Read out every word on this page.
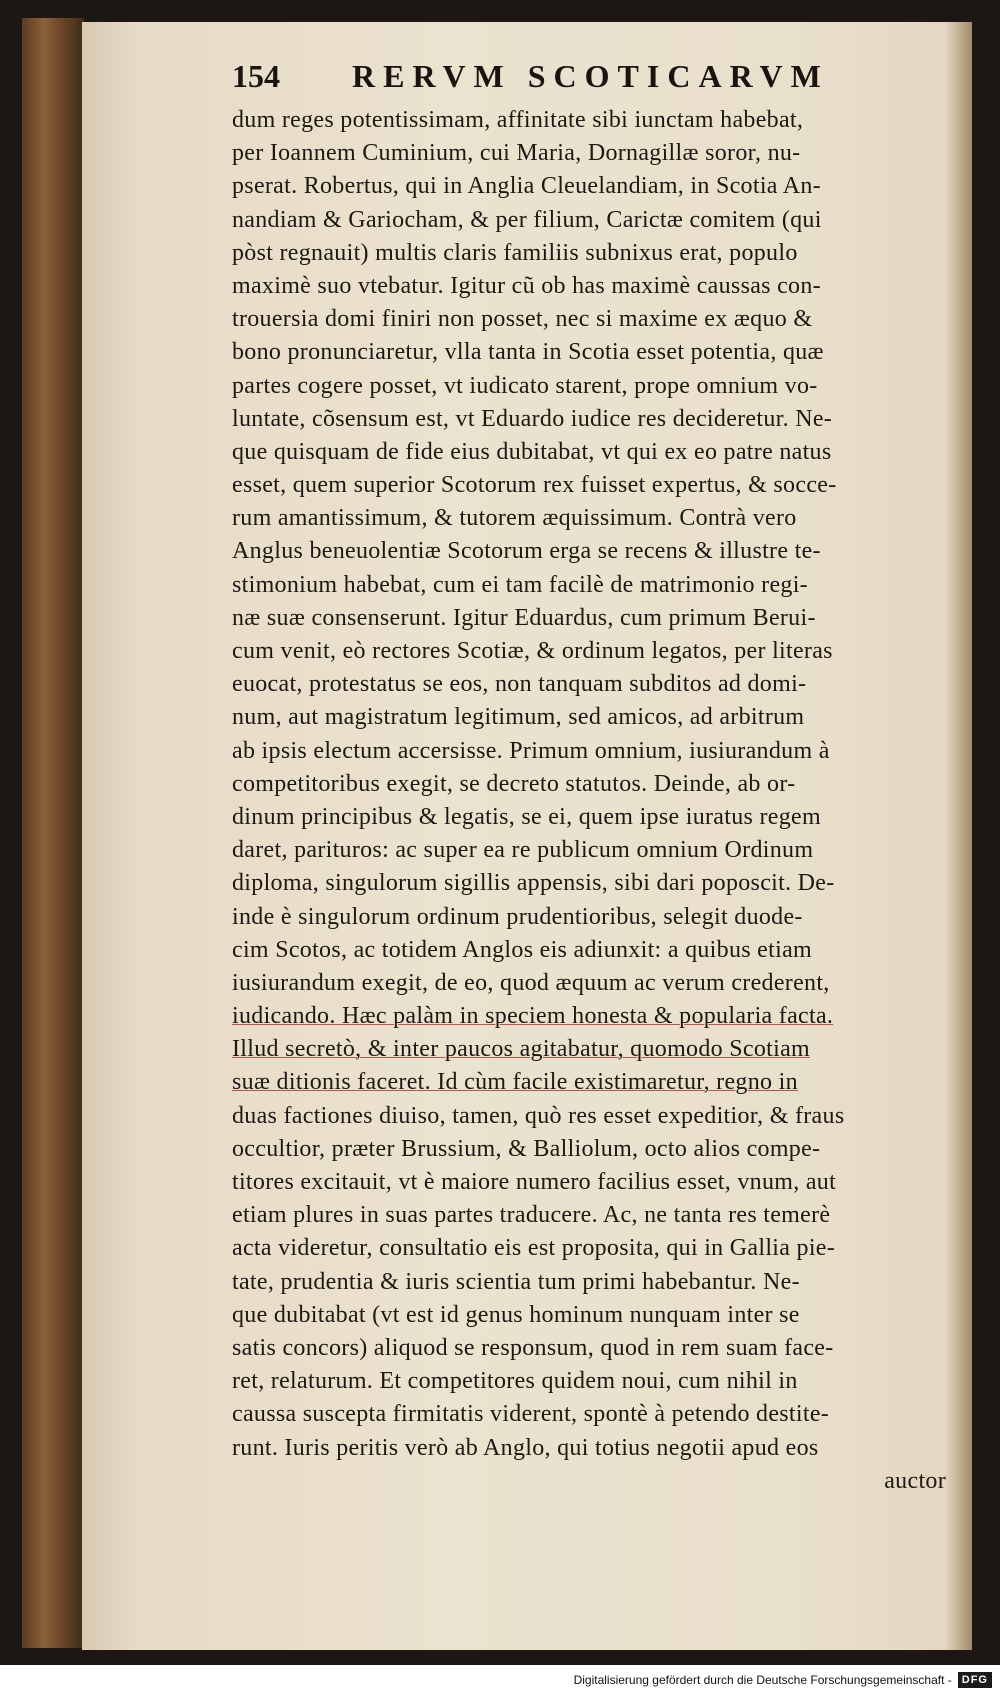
154 RERVM SCOTICARVM
dum reges potentissimam, affinitate sibi iunctam habebat,
per Ioannem Cuminium, cui Maria, Dornagillæ soror, nu-
pserat. Robertus, qui in Anglia Cleuelandiam, in Scotia An-
nandiam & Gariocham, & per filium, Carictæ comitem (qui
pòst regnauit) multis claris familiis subnixus erat, populo
maximè suo vtebatur. Igitur cũ ob has maximè caussas con-
trouersia domi finiri non posset, nec si maxime ex æquo &
bono pronunciaretur, vlla tanta in Scotia esset potentia, quæ
partes cogere posset, vt iudicato starent, prope omnium vo-
luntate, cõsensum est, vt Eduardo iudice res decideretur. Ne-
que quisquam de fide eius dubitabat, vt qui ex eo patre natus
esset, quem superior Scotorum rex fuisset expertus, & socce-
rum amantissimum, & tutorem æquissimum. Contrà vero
Anglus beneuolentiæ Scotorum erga se recens & illustre te-
stimonium habebat, cum ei tam facilè de matrimonio regi-
næ suæ consenserunt. Igitur Eduardus, cum primum Berui-
cum venit, eò rectores Scotiæ, & ordinum legatos, per literas
euocat, protestatus se eos, non tanquam subditos ad domi-
num, aut magistratum legitimum, sed amicos, ad arbitrum
ab ipsis electum accersisse. Primum omnium, iusiurandum à
competitoribus exegit, se decreto statutos. Deinde, ab or-
dinum principibus & legatis, se ei, quem ipse iuratus regem
daret, parituros: ac super ea re publicum omnium Ordinum
diploma, singulorum sigillis appensis, sibi dari poposcit. De-
inde è singulorum ordinum prudentioribus, selegit duode-
cim Scotos, ac totidem Anglos eis adiunxit: a quibus etiam
iusiurandum exegit, de eo, quod æquum ac verum crederent,
iudicando. Hæc palàm in speciem honesta & popularia facta.
Illud secretò, & inter paucos agitabatur, quomodo Scotiam
suæ ditionis faceret. Id cùm facile existimaretur, regno in
duas factiones diuiso, tamen, quò res esset expeditior, & fraus
occultior, præter Brussium, & Balliolum, octo alios compe-
titores excitauit, vt è maiore numero facilius esset, vnum, aut
etiam plures in suas partes traducere. Ac, ne tanta res temerè
acta videretur, consultatio eis est proposita, qui in Gallia pie-
tate, prudentia & iuris scientia tum primi habebantur. Ne-
que dubitabat (vt est id genus hominum nunquam inter se
satis concors) aliquod se responsum, quod in rem suam face-
ret, relaturum. Et competitores quidem noui, cum nihil in
caussa suscepta firmitatis viderent, spontè à petendo destite-
runt. Iuris peritis verò ab Anglo, qui totius negotii apud eos
auctor
Digitalisierung gefördert durch die Deutsche Forschungsgemeinschaft - DFG
